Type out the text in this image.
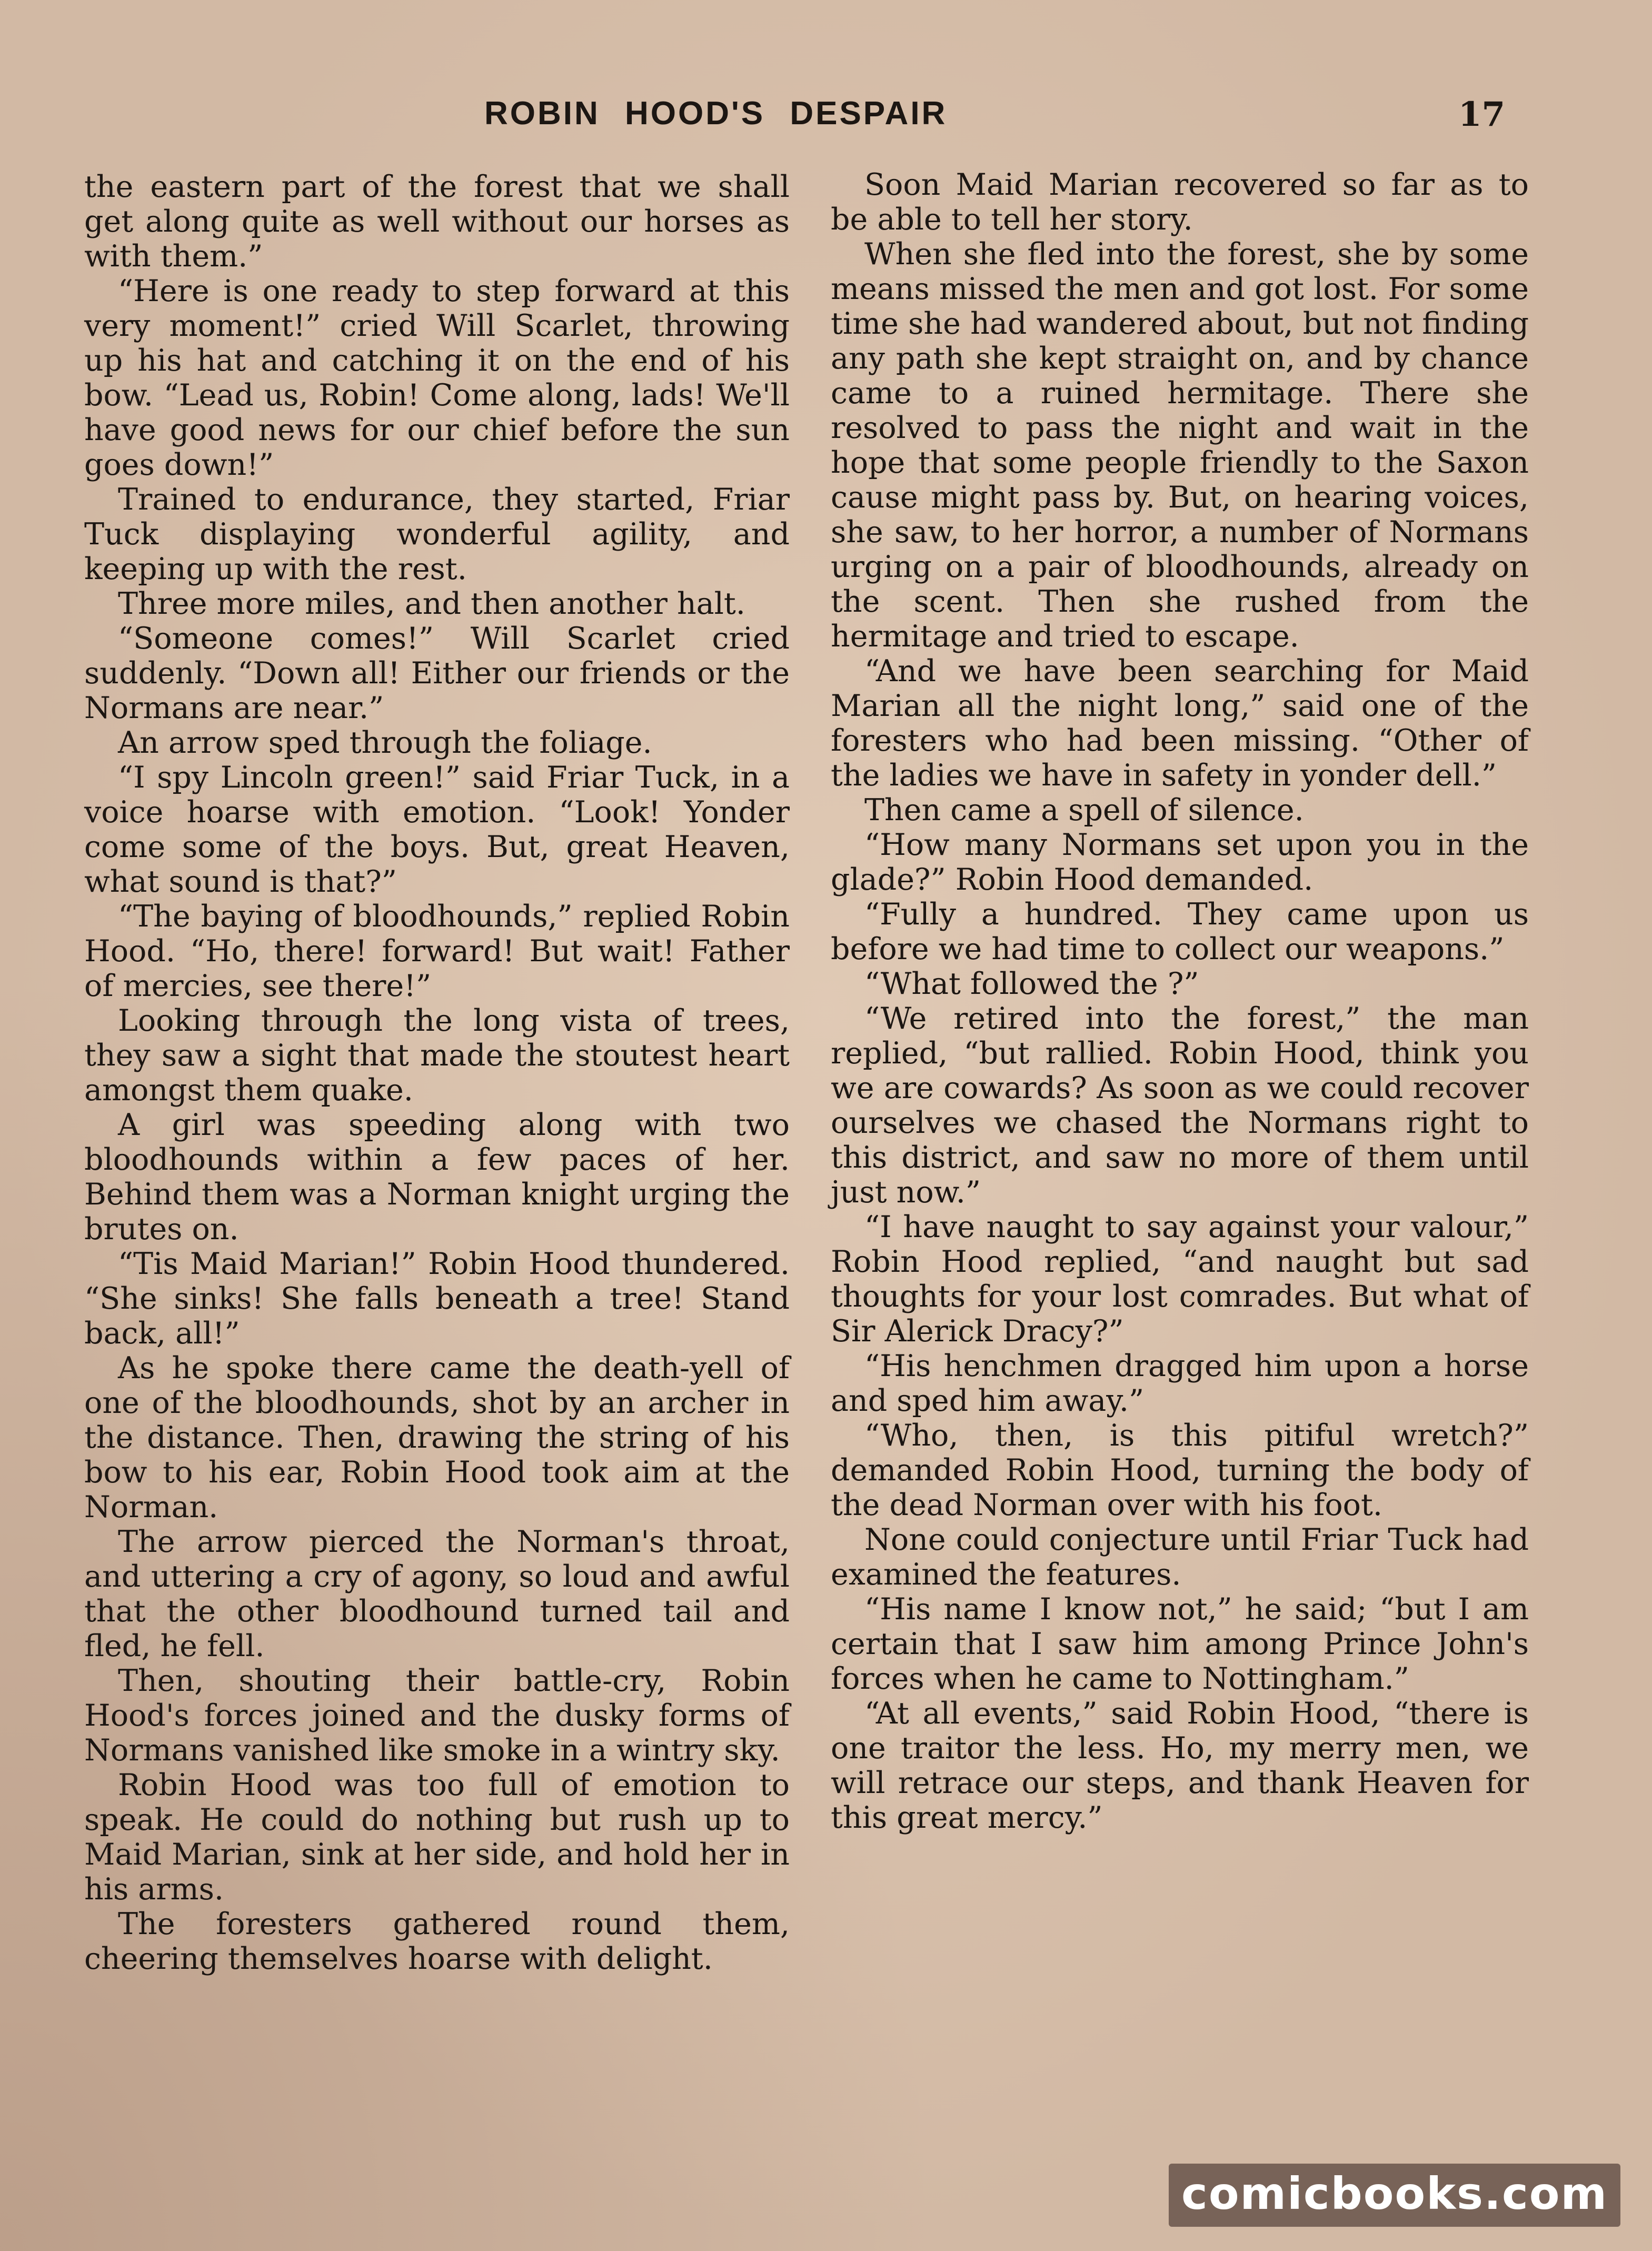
ROBIN HOOD'S DESPAIR	17

the eastern part of the forest that we shall get along quite as well without our horses as with them.”

“Here is one ready to step forward at this very moment!” cried Will Scarlet, throwing up his hat and catching it on the end of his bow. “Lead us, Robin! Come along, lads! We'll have good news for our chief before the sun goes down!”

Trained to endurance, they started, Friar Tuck displaying wonderful agility, and keeping up with the rest.

Three more miles, and then another halt.

“Someone comes!” Will Scarlet cried suddenly. “Down all! Either our friends or the Normans are near.”

An arrow sped through the foliage.

“I spy Lincoln green!” said Friar Tuck, in a voice hoarse with emotion. “Look! Yonder come some of the boys. But, great Heaven, what sound is that?”

“The baying of bloodhounds,” replied Robin Hood. “Ho, there! forward! But wait! Father of mercies, see there!”

Looking through the long vista of trees, they saw a sight that made the stoutest heart amongst them quake.

A girl was speeding along with two bloodhounds within a few paces of her. Behind them was a Norman knight urging the brutes on.

“Tis Maid Marian!” Robin Hood thundered. “She sinks! She falls beneath a tree! Stand back, all!”

As he spoke there came the death-yell of one of the bloodhounds, shot by an archer in the distance. Then, drawing the string of his bow to his ear, Robin Hood took aim at the Norman.

The arrow pierced the Norman's throat, and uttering a cry of agony, so loud and awful that the other bloodhound turned tail and fled, he fell.

Then, shouting their battle-cry, Robin Hood's forces joined and the dusky forms of Normans vanished like smoke in a wintry sky.

Robin Hood was too full of emotion to speak. He could do nothing but rush up to Maid Marian, sink at her side, and hold her in his arms.

The foresters gathered round them, cheering themselves hoarse with delight.

Soon Maid Marian recovered so far as to be able to tell her story.

When she fled into the forest, she by some means missed the men and got lost. For some time she had wandered about, but not finding any path she kept straight on, and by chance came to a ruined hermitage. There she resolved to pass the night and wait in the hope that some people friendly to the Saxon cause might pass by. But, on hearing voices, she saw, to her horror, a number of Normans urging on a pair of bloodhounds, already on the scent. Then she rushed from the hermitage and tried to escape.

“And we have been searching for Maid Marian all the night long,” said one of the foresters who had been missing. “Other of the ladies we have in safety in yonder dell.”

Then came a spell of silence.

“How many Normans set upon you in the glade?” Robin Hood demanded.

“Fully a hundred. They came upon us before we had time to collect our weapons.”

“What followed the ?”

“We retired into the forest,” the man replied, “but rallied. Robin Hood, think you we are cowards? As soon as we could recover ourselves we chased the Normans right to this district, and saw no more of them until just now.”

“I have naught to say against your valour,” Robin Hood replied, “and naught but sad thoughts for your lost comrades. But what of Sir Alerick Dracy?”

“His henchmen dragged him upon a horse and sped him away.”

“Who, then, is this pitiful wretch?” demanded Robin Hood, turning the body of the dead Norman over with his foot.

None could conjecture until Friar Tuck had examined the features.

“His name I know not,” he said; “but I am certain that I saw him among Prince John's forces when he came to Nottingham.”

“At all events,” said Robin Hood, “there is one traitor the less. Ho, my merry men, we will retrace our steps, and thank Heaven for this great mercy.”

comicbooks.com
